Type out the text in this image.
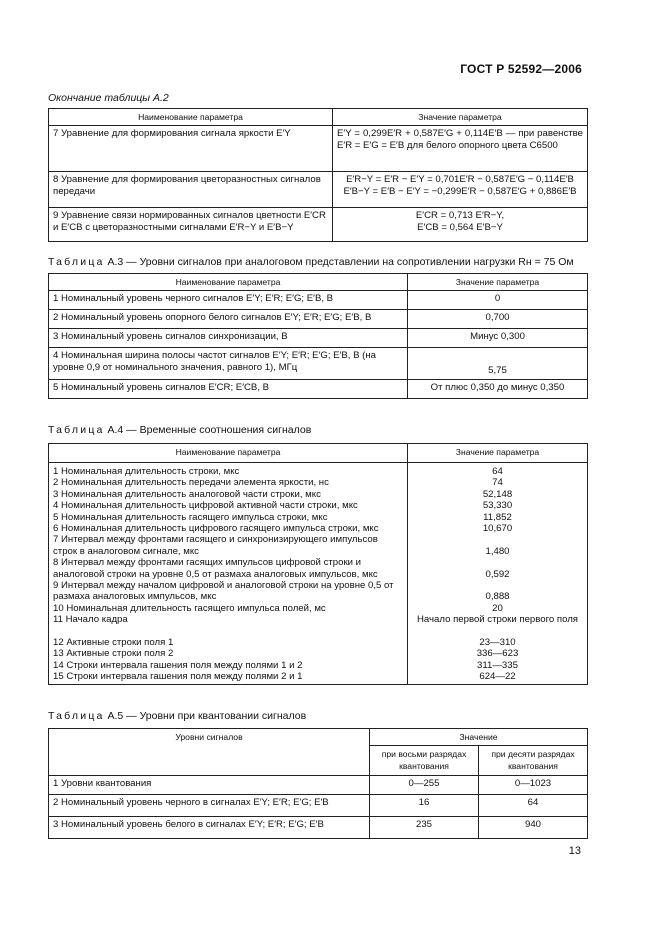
ГОСТ Р 52592—2006
Окончание таблицы А.2
Наименование параметра	Значение параметра
7 Уравнение для формирования сигнала яркости E′Y	E′Y = 0,299E′R + 0,587E′G + 0,114E′B — при равенстве E′R = E′G = E′B для белого опорного цвета C6500
8 Уравнение для формирования цветоразностных сигналов передачи	E′R−Y = E′R − E′Y = 0,701E′R − 0,587E′G − 0,114E′B
E′B−Y = E′B − E′Y = −0,299E′R − 0,587E′G + 0,886E′B
9 Уравнение связи нормированных сигналов цветности E′CR и E′CB с цветоразностными сигналами E′R−Y и E′B−Y	E′CR = 0,713 E′R−Y,
E′CB = 0,564 E′B−Y
Таблица А.3 — Уровни сигналов при аналоговом представлении на сопротивлении нагрузки Rн = 75 Ом
Наименование параметра	Значение параметра
1 Номинальный уровень черного сигналов E′Y; E′R; E′G; E′B, В	0
2 Номинальный уровень опорного белого сигналов E′Y; E′R; E′G; E′B, В	0,700
3 Номинальный уровень сигналов синхронизации, В	Минус 0,300
4 Номинальная ширина полосы частот сигналов E′Y; E′R; E′G; E′B, В (на уровне 0,9 от номинального значения, равного 1), МГц	5,75
5 Номинальный уровень сигналов E′CR; E′CB, В	От плюс 0,350 до минус 0,350
Таблица А.4 — Временные соотношения сигналов
Наименование параметра	Значение параметра
1 Номинальная длительность строки, мкс	64
2 Номинальная длительность передачи элемента яркости, нс	74
3 Номинальная длительность аналоговой части строки, мкс	52,148
4 Номинальная длительность цифровой активной части строки, мкс	53,330
5 Номинальная длительность гасящего импульса строки, мкс	11,852
6 Номинальная длительность цифрового гасящего импульса строки, мкс	10,670
7 Интервал между фронтами гасящего и синхронизирующего импульсов строк в аналоговом сигнале, мкс	1,480
8 Интервал между фронтами гасящих импульсов цифровой строки и аналоговой строки на уровне 0,5 от размаха аналоговых импульсов, мкс	0,592
9 Интервал между началом цифровой и аналоговой строки на уровне 0,5 от размаха аналоговых импульсов, мкс	0,888
10 Номинальная длительность гасящего импульса полей, мс	20
11 Начало кадра	Начало первой строки первого поля
12 Активные строки поля 1	23—310
13 Активные строки поля 2	336—623
14 Строки интервала гашения поля между полями 1 и 2	311—335
15 Строки интервала гашения поля между полями 2 и 1	624—22
Таблица А.5 — Уровни при квантовании сигналов
Уровни сигналов	Значение	
	при восьми разрядах квантования	при десяти разрядах квантования
1 Уровни квантования	0—255	0—1023
2 Номинальный уровень черного в сигналах E′Y; E′R; E′G; E′B	16	64
3 Номинальный уровень белого в сигналах E′Y; E′R; E′G; E′B	235	940
13
